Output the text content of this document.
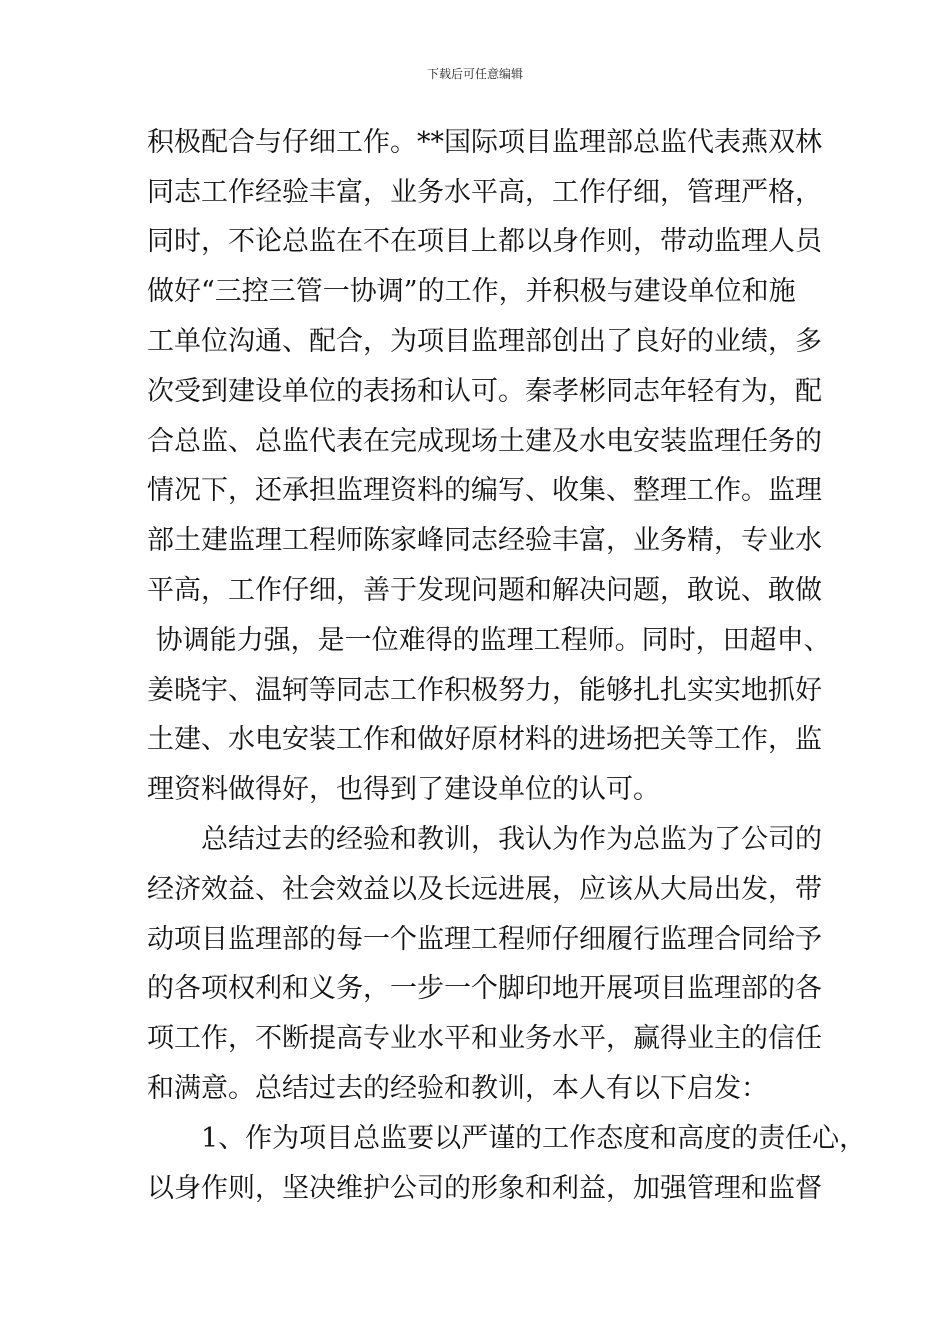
下载后可任意编辑
积极配合与仔细工作。**国际项目监理部总监代表燕双林
同志工作经验丰富，业务水平高，工作仔细，管理严格，
同时，不论总监在不在项目上都以身作则，带动监理人员
做好“三控三管一协调”的工作，并积极与建设单位和施
工单位沟通、配合，为项目监理部创出了良好的业绩，多
次受到建设单位的表扬和认可。秦孝彬同志年轻有为，配
合总监、总监代表在完成现场土建及水电安装监理任务的
情况下，还承担监理资料的编写、收集、整理工作。监理
部土建监理工程师陈家峰同志经验丰富，业务精，专业水
平高，工作仔细，善于发现问题和解决问题，敢说、敢做
协调能力强，是一位难得的监理工程师。同时，田超申、
姜晓宇、温轲等同志工作积极努力，能够扎扎实实地抓好
土建、水电安装工作和做好原材料的进场把关等工作，监
理资料做得好，也得到了建设单位的认可。
总结过去的经验和教训，我认为作为总监为了公司的
经济效益、社会效益以及长远进展，应该从大局出发，带
动项目监理部的每一个监理工程师仔细履行监理合同给予
的各项权利和义务，一步一个脚印地开展项目监理部的各
项工作，不断提高专业水平和业务水平，赢得业主的信任
和满意。总结过去的经验和教训，本人有以下启发：
1、作为项目总监要以严谨的工作态度和高度的责任心，
以身作则，坚决维护公司的形象和利益，加强管理和监督
